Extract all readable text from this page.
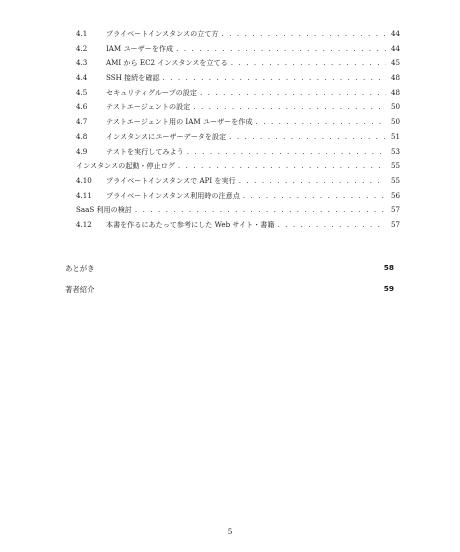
4.1	プライベートインスタンスの立て方 . . .	44
4.2	IAM ユーザーを作成 . . .	44
4.3	AMI から EC2 インスタンスを立てる . . .	45
4.4	SSH 接続を確認 . . .	48
4.5	セキュリティグループの設定 . . .	48
4.6	テストエージェントの設定 . . .	50
4.7	テストエージェント用の IAM ユーザーを作成 . . .	50
4.8	インスタンスにユーザーデータを設定 . . .	51
4.9	テストを実行してみよう . . .	53
インスタンスの起動・停止ログ . . .	55
4.10	プライベートインスタンスで API を実行 . . .	55
4.11	プライベートインスタンス利用時の注意点 . . .	56
SaaS 利用の検討 . . .	57
4.12	本書を作るにあたって参考にした Web サイト・書籍 . . .	57
あとがき	58
著者紹介	59
5
